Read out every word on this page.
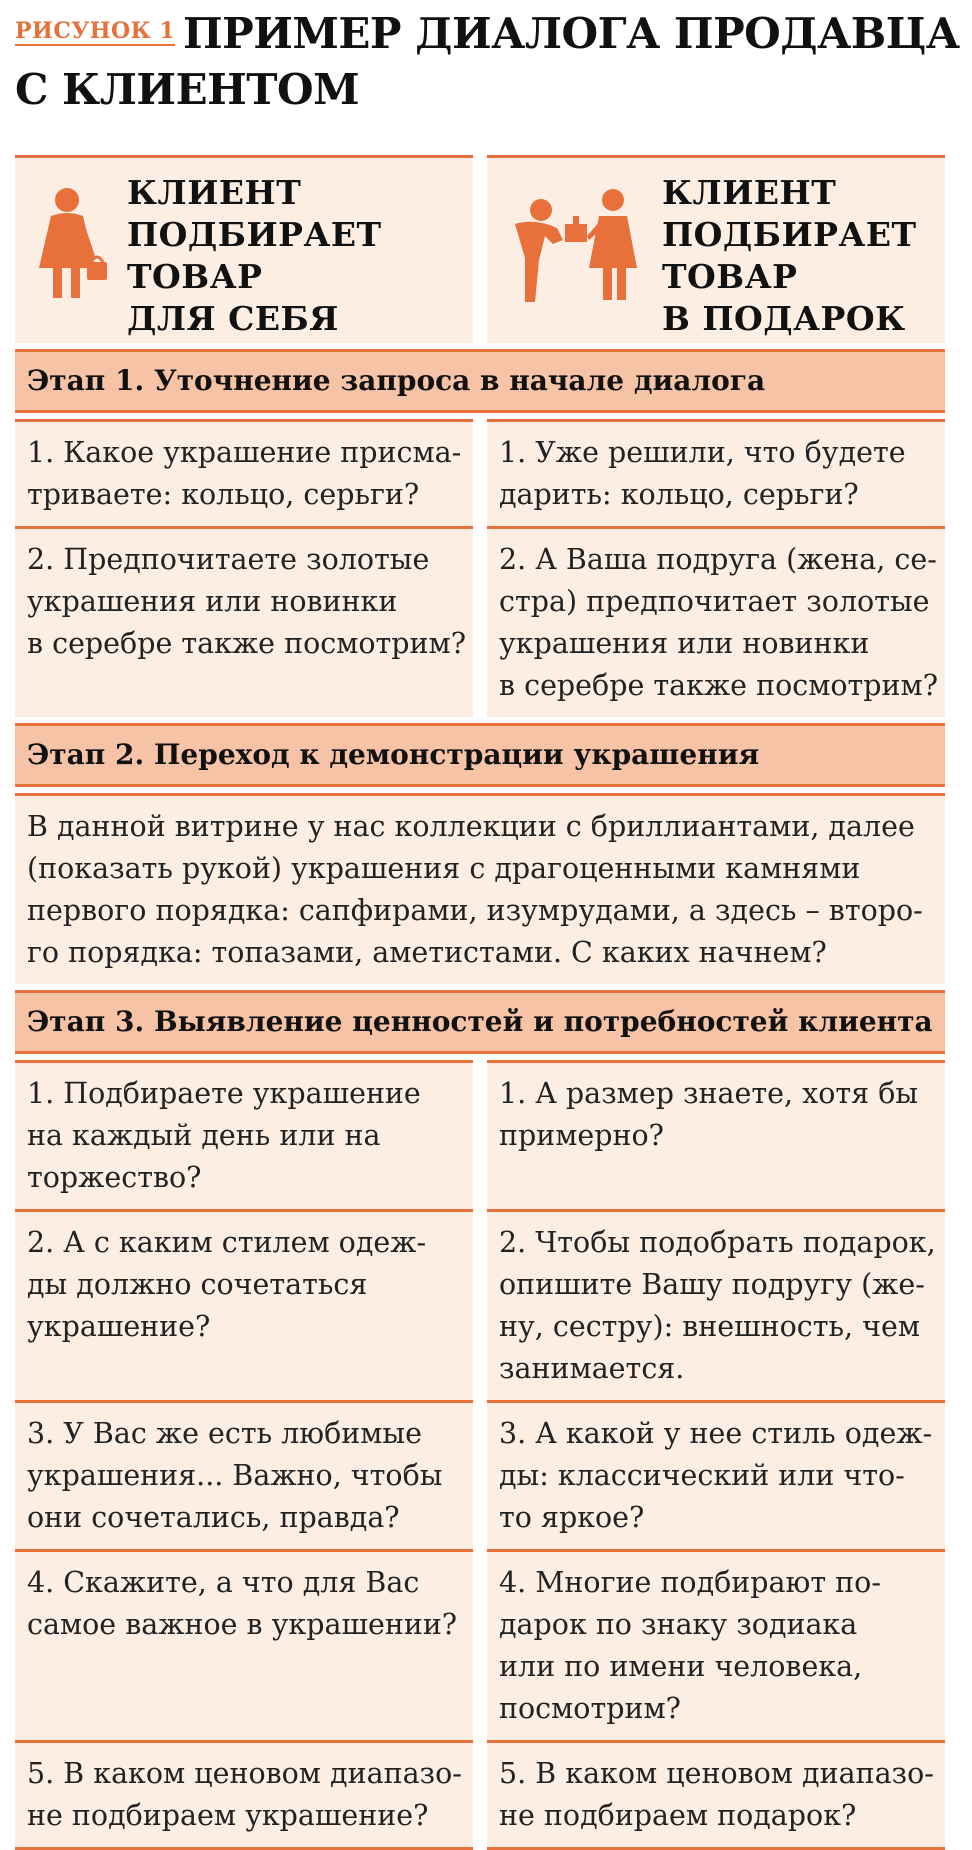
РИСУНОК 1 ПРИМЕР ДИАЛОГА ПРОДАВЦА
С КЛИЕНТОМ
КЛИЕНТ
ПОДБИРАЕТ
ТОВАР
ДЛЯ СЕБЯ
КЛИЕНТ
ПОДБИРАЕТ
ТОВАР
В ПОДАРОК
Этап 1. Уточнение запроса в начале диалога
1. Какое украшение присма-
триваете: кольцо, серьги?
1. Уже решили, что будете
дарить: кольцо, серьги?
2. Предпочитаете золотые
украшения или новинки
в серебре также посмотрим?
2. А Ваша подруга (жена, се-
стра) предпочитает золотые
украшения или новинки
в серебре также посмотрим?
Этап 2. Переход к демонстрации украшения
В данной витрине у нас коллекции с бриллиантами, далее
(показать рукой) украшения с драгоценными камнями
первого порядка: сапфирами, изумрудами, а здесь – второ-
го порядка: топазами, аметистами. С каких начнем?
Этап 3. Выявление ценностей и потребностей клиента
1. Подбираете украшение
на каждый день или на
торжество?
1. А размер знаете, хотя бы
примерно?
2. А с каким стилем одеж-
ды должно сочетаться
украшение?
2. Чтобы подобрать подарок,
опишите Вашу подругу (же-
ну, сестру): внешность, чем
занимается.
3. У Вас же есть любимые
украшения... Важно, чтобы
они сочетались, правда?
3. А какой у нее стиль одеж-
ды: классический или что-
то яркое?
4. Скажите, а что для Вас
самое важное в украшении?
4. Многие подбирают по-
дарок по знаку зодиака
или по имени человека,
посмотрим?
5. В каком ценовом диапазо-
не подбираем украшение?
5. В каком ценовом диапазо-
не подбираем подарок?
